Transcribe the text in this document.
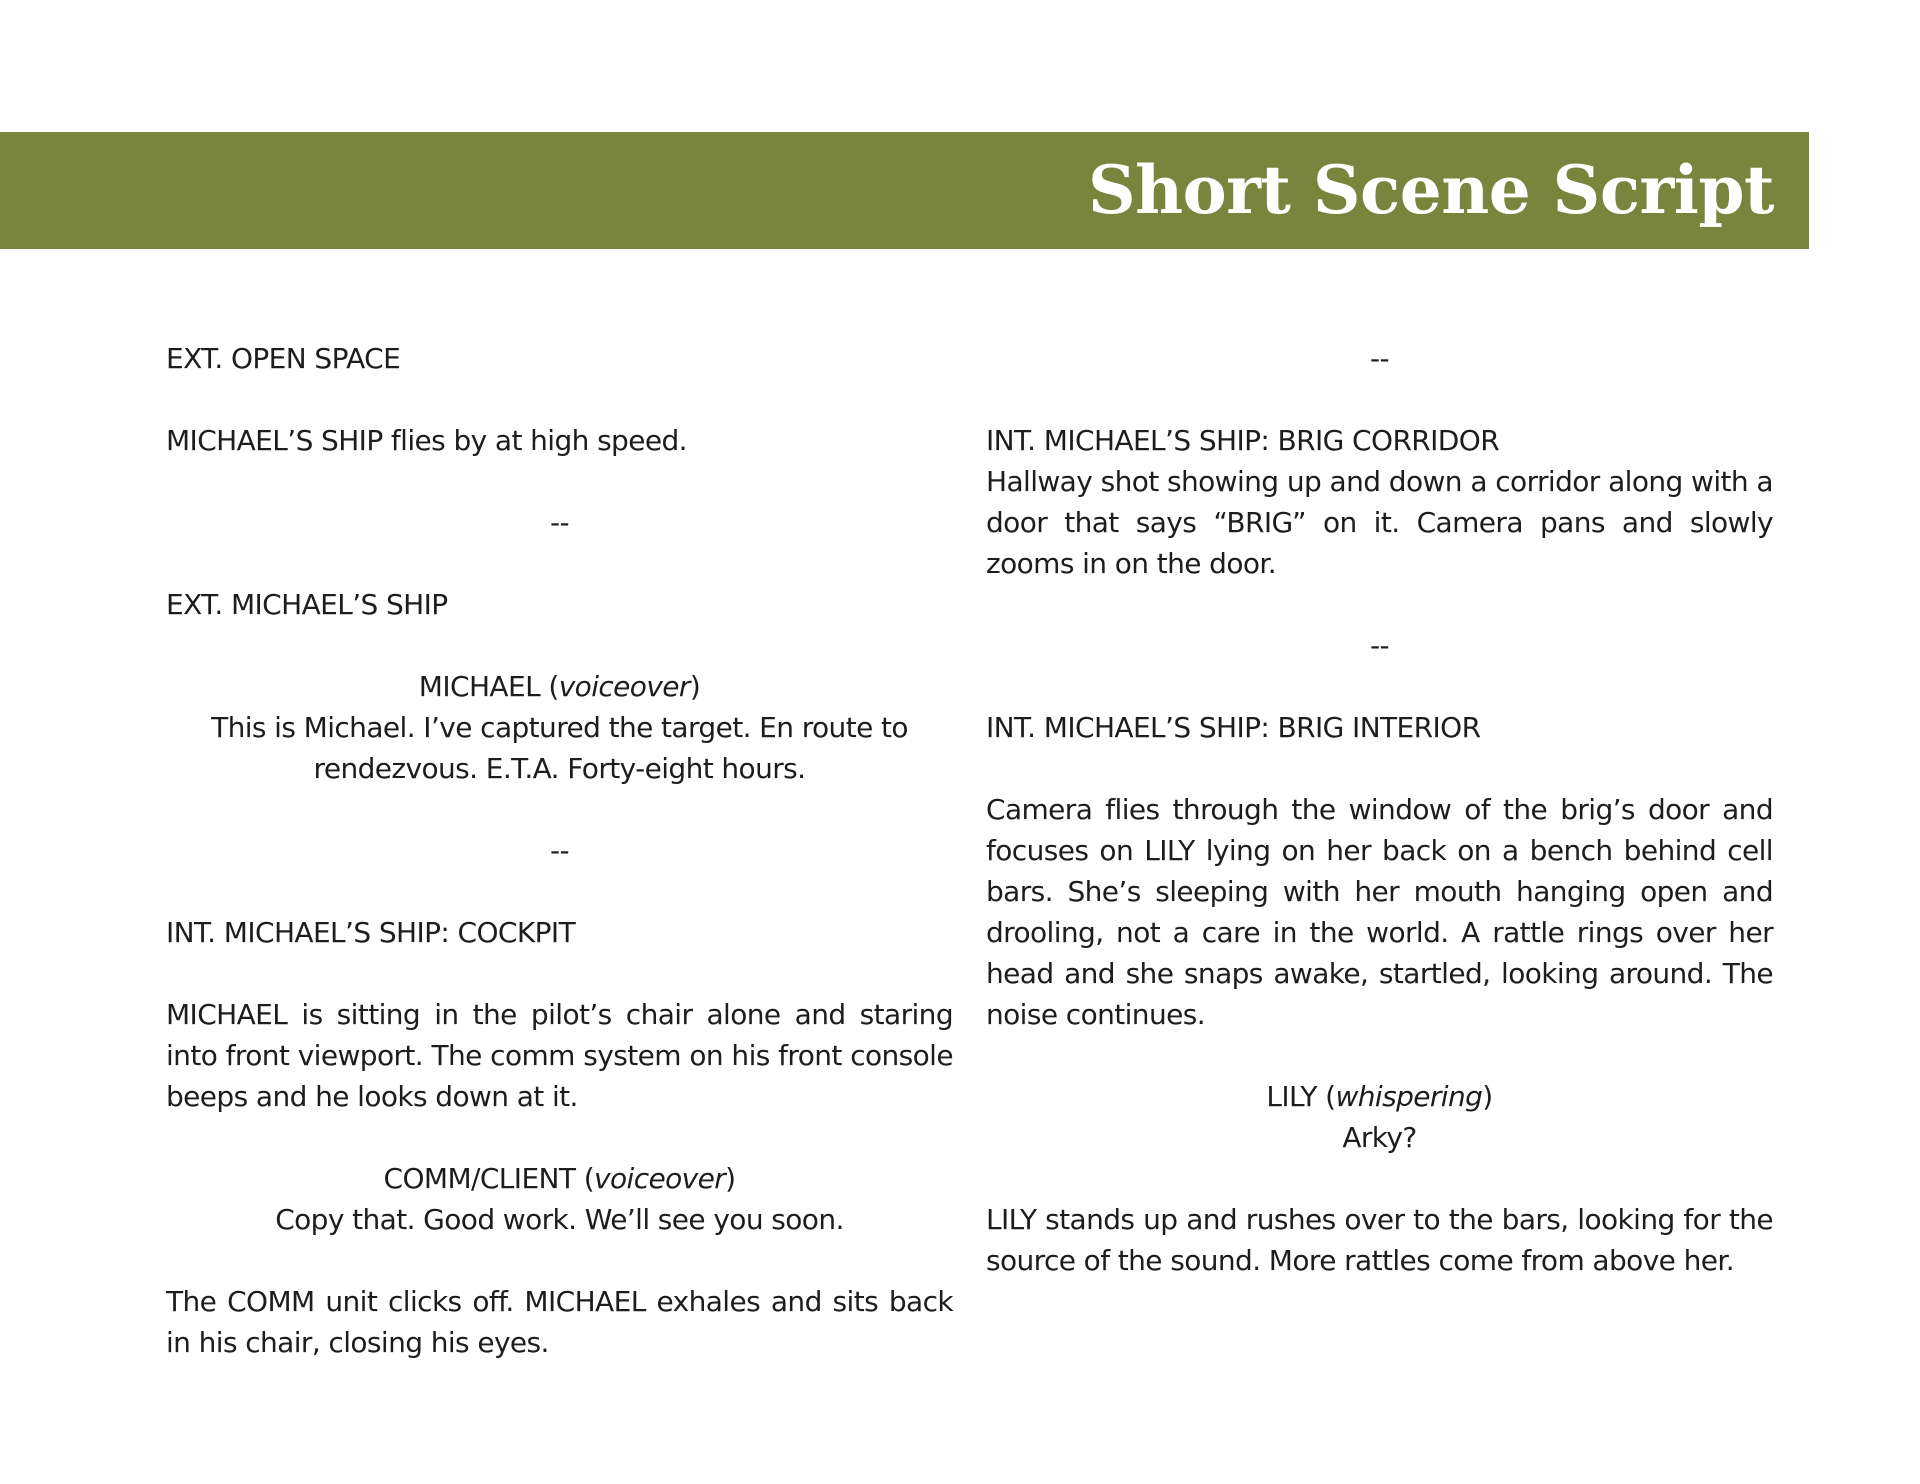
Short Scene Script

EXT. OPEN SPACE

MICHAEL’S SHIP flies by at high speed.

--

EXT. MICHAEL’S SHIP

MICHAEL (voiceover)

This is Michael. I’ve captured the target. En route to rendezvous. E.T.A. Forty-eight hours.

--

INT. MICHAEL’S SHIP: COCKPIT

MICHAEL is sitting in the pilot’s chair alone and staring into front viewport. The comm system on his front console beeps and he looks down at it.

COMM/CLIENT (voiceover)

Copy that. Good work. We’ll see you soon.

The COMM unit clicks off. MICHAEL exhales and sits back in his chair, closing his eyes.

--

INT. MICHAEL’S SHIP: BRIG CORRIDOR

Hallway shot showing up and down a corridor along with a door that says “BRIG” on it. Camera pans and slowly zooms in on the door.

--

INT. MICHAEL’S SHIP: BRIG INTERIOR

Camera flies through the window of the brig’s door and focuses on LILY lying on her back on a bench behind cell bars. She’s sleeping with her mouth hanging open and drooling, not a care in the world. A rattle rings over her head and she snaps awake, startled, looking around. The noise continues.

LILY (whispering)

Arky?

LILY stands up and rushes over to the bars, looking for the source of the sound. More rattles come from above her.
